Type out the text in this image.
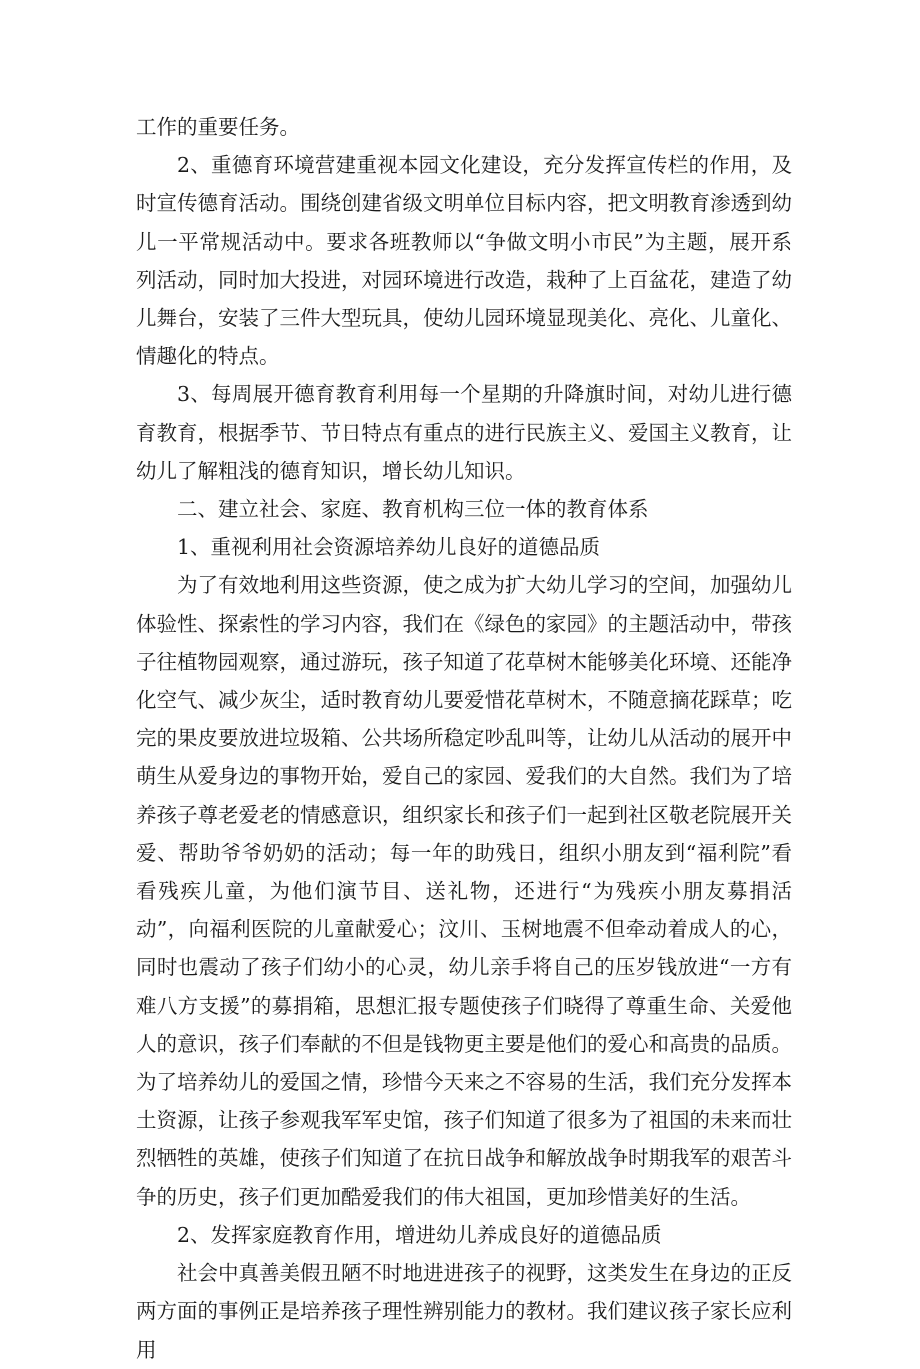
工作的重要任务。

2、重德育环境营建重视本园文化建设，充分发挥宣传栏的作用，及时宣传德育活动。围绕创建省级文明单位目标内容，把文明教育渗透到幼儿一平常规活动中。要求各班教师以“争做文明小市民”为主题，展开系列活动，同时加大投进，对园环境进行改造，栽种了上百盆花，建造了幼儿舞台，安装了三件大型玩具，使幼儿园环境显现美化、亮化、儿童化、情趣化的特点。

3、每周展开德育教育利用每一个星期的升降旗时间，对幼儿进行德育教育，根据季节、节日特点有重点的进行民族主义、爱国主义教育，让幼儿了解粗浅的德育知识，增长幼儿知识。

二、建立社会、家庭、教育机构三位一体的教育体系

1、重视利用社会资源培养幼儿良好的道德品质

为了有效地利用这些资源，使之成为扩大幼儿学习的空间，加强幼儿体验性、探索性的学习内容，我们在《绿色的家园》的主题活动中，带孩子往植物园观察，通过游玩，孩子知道了花草树木能够美化环境、还能净化空气、减少灰尘，适时教育幼儿要爱惜花草树木，不随意摘花踩草；吃完的果皮要放进垃圾箱、公共场所稳定吵乱叫等，让幼儿从活动的展开中萌生从爱身边的事物开始，爱自己的家园、爱我们的大自然。我们为了培养孩子尊老爱老的情感意识，组织家长和孩子们一起到社区敬老院展开关爱、帮助爷爷奶奶的活动；每一年的助残日，组织小朋友到“福利院”看看残疾儿童，为他们演节目、送礼物，还进行“为残疾小朋友募捐活动”，向福利医院的儿童献爱心；汶川、玉树地震不但牵动着成人的心，同时也震动了孩子们幼小的心灵，幼儿亲手将自己的压岁钱放进“一方有难八方支援”的募捐箱，思想汇报专题使孩子们晓得了尊重生命、关爱他人的意识，孩子们奉献的不但是钱物更主要是他们的爱心和高贵的品质。为了培养幼儿的爱国之情，珍惜今天来之不容易的生活，我们充分发挥本土资源，让孩子参观我军军史馆，孩子们知道了很多为了祖国的未来而壮烈牺牲的英雄，使孩子们知道了在抗日战争和解放战争时期我军的艰苦斗争的历史，孩子们更加酷爱我们的伟大祖国，更加珍惜美好的生活。

2、发挥家庭教育作用，增进幼儿养成良好的道德品质

社会中真善美假丑陋不时地进进孩子的视野，这类发生在身边的正反两方面的事例正是培养孩子理性辨别能力的教材。我们建议孩子家长应利用
